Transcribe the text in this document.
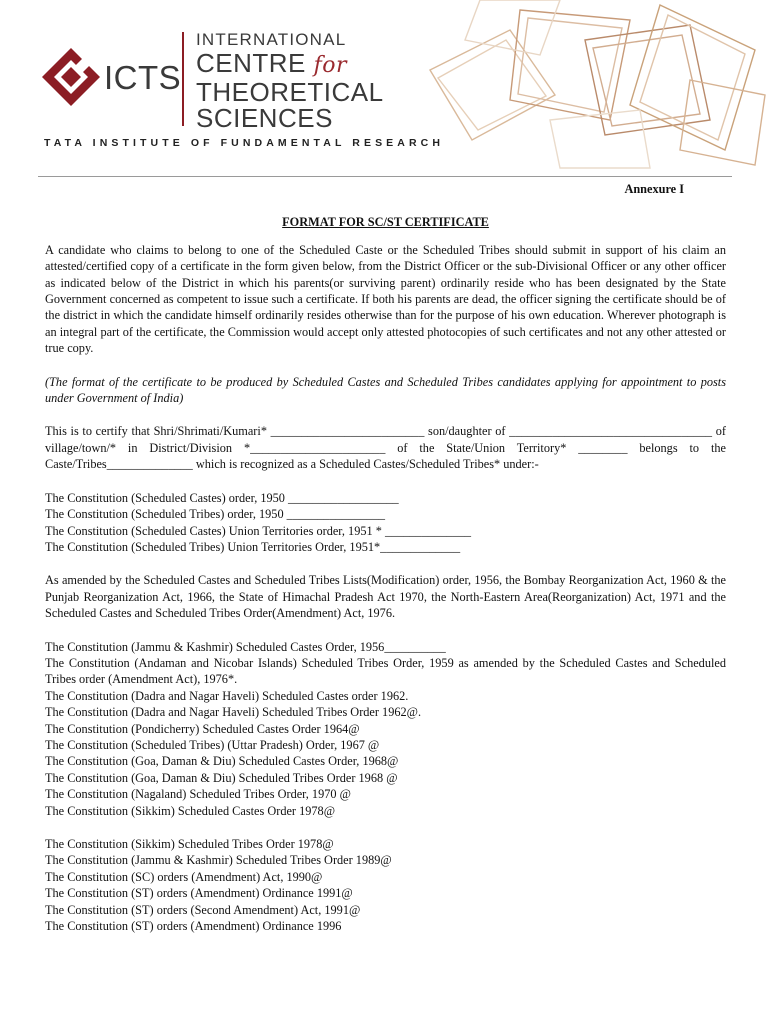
ICTS
INTERNATIONAL
CENTRE for
THEORETICAL
SCIENCES
TATA INSTITUTE OF FUNDAMENTAL RESEARCH
Annexure I
FORMAT FOR SC/ST CERTIFICATE

A candidate who claims to belong to one of the Scheduled Caste or the Scheduled Tribes should submit in support of his claim an attested/certified copy of a certificate in the form given below, from the District Officer or the sub-Divisional Officer or any other officer as indicated below of the District in which his parents(or surviving parent) ordinarily reside who has been designated by the State Government concerned as competent to issue such a certificate. If both his parents are dead, the officer signing the certificate should be of the district in which the candidate himself ordinarily resides otherwise than for the purpose of his own education. Wherever photograph is an integral part of the certificate, the Commission would accept only attested photocopies of such certificates and not any other attested or true copy.

(The format of the certificate to be produced by Scheduled Castes and Scheduled Tribes candidates applying for appointment to posts under Government of India)

This is to certify that Shri/Shrimati/Kumari* _________________________ son/daughter of _________________________________ of village/town/* in District/Division *______________________ of the State/Union Territory* ________ belongs to the Caste/Tribes______________ which is recognized as a Scheduled Castes/Scheduled Tribes* under:-

The Constitution (Scheduled Castes) order, 1950 __________________
The Constitution (Scheduled Tribes) order, 1950 ________________
The Constitution (Scheduled Castes) Union Territories order, 1951 * ______________
The Constitution (Scheduled Tribes) Union Territories Order, 1951*_____________

As amended by the Scheduled Castes and Scheduled Tribes Lists(Modification) order, 1956, the Bombay Reorganization Act, 1960 & the Punjab Reorganization Act, 1966, the State of Himachal Pradesh Act 1970, the North-Eastern Area(Reorganization) Act, 1971 and the Scheduled Castes and Scheduled Tribes Order(Amendment) Act, 1976.

The Constitution (Jammu & Kashmir) Scheduled Castes Order, 1956__________
The Constitution (Andaman and Nicobar Islands) Scheduled Tribes Order, 1959 as amended by the Scheduled Castes and Scheduled Tribes order (Amendment Act), 1976*.
The Constitution (Dadra and Nagar Haveli) Scheduled Castes order 1962.
The Constitution (Dadra and Nagar Haveli) Scheduled Tribes Order 1962@.
The Constitution (Pondicherry) Scheduled Castes Order 1964@
The Constitution (Scheduled Tribes) (Uttar Pradesh) Order, 1967 @
The Constitution (Goa, Daman & Diu) Scheduled Castes Order, 1968@
The Constitution (Goa, Daman & Diu) Scheduled Tribes Order 1968 @
The Constitution (Nagaland) Scheduled Tribes Order, 1970 @
The Constitution (Sikkim) Scheduled Castes Order 1978@
The Constitution (Sikkim) Scheduled Tribes Order 1978@
The Constitution (Jammu & Kashmir) Scheduled Tribes Order 1989@
The Constitution (SC) orders (Amendment) Act, 1990@
The Constitution (ST) orders (Amendment) Ordinance 1991@
The Constitution (ST) orders (Second Amendment) Act, 1991@
The Constitution (ST) orders (Amendment) Ordinance 1996
